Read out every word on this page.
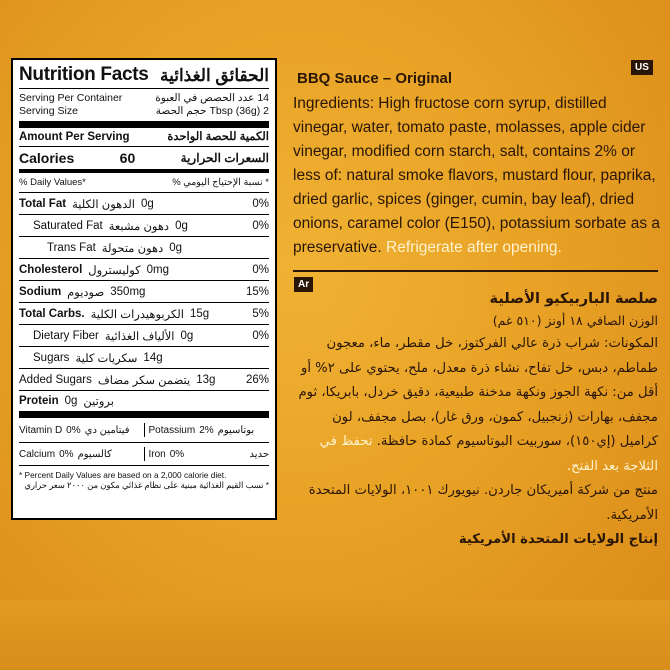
Nutrition Facts الحقائق الغذائية
Serving Per Container	14 عدد الحصص في العبوة
Serving Size	2 Tbsp (36g) حجم الحصة
Amount Per Serving	الكمية للحصة الواحدة
Calories	60	السعرات الحرارية
% Daily Values*	* نسبة الإحتياج اليومي %
Total Fat الدهون الكلية 0g	0%
Saturated Fat دهون مشبعة 0g	0%
Trans Fat دهون متحولة 0g
Cholesterol كوليسترول 0mg	0%
Sodium صوديوم 350mg	15%
Total Carbs. الكربوهيدرات الكلية 15g	5%
Dietary Fiber الألياف الغذائية 0g	0%
Sugars سكريات كلية 14g
Added Sugars يتضمن سكر مضاف 13g	26%
Protein 0g بروتين
Vitamin D 0% فيتامين دي Potassium 2% بوتاسيوم
Calcium 0% كالسيوم	Iron 0%	حديد
* Percent Daily Values are based on a 2,000 calorie diet.
* نسب القيم الغذائية مبنية على نظام غذائي مكون من ٢٠٠٠ سعر حراري
US
Ar
BBQ Sauce – Original
Ingredients: High fructose corn syrup, distilled vinegar, water, tomato paste, molasses, apple cider vinegar, modified corn starch, salt, contains 2% or less of: natural smoke flavors, mustard flour, paprika, dried garlic, spices (ginger, cumin, bay leaf), dried onions, caramel color (E150), potassium sorbate as a preservative. Refrigerate after opening.
صلصة الباربيكيو الأصلية
الوزن الصافي ١٨ أونز (٥١٠ غم)
المكونات: شراب ذرة عالي الفركتوز، خل مقطر، ماء، معجون طماطم، دبس، خل تفاح، نشاء ذرة معدل، ملح، يحتوي على ٢% أو أقل من: نكهة الجوز ونكهة مدخنة طبيعية، دقيق خردل، بابريكا، ثوم مجفف، بهارات (زنجبيل، كمون، ورق غار)، بصل مجفف، لون كراميل (إي١٥٠)، سوربيت البوتاسيوم كمادة حافظة. تحفظ في الثلاجة بعد الفتح.
منتج من شركة أميريكان جاردن. نيويورك ١٠٠١، الولايات المتحدة الأمريكية.
إنتاج الولايات المتحدة الأمريكية
